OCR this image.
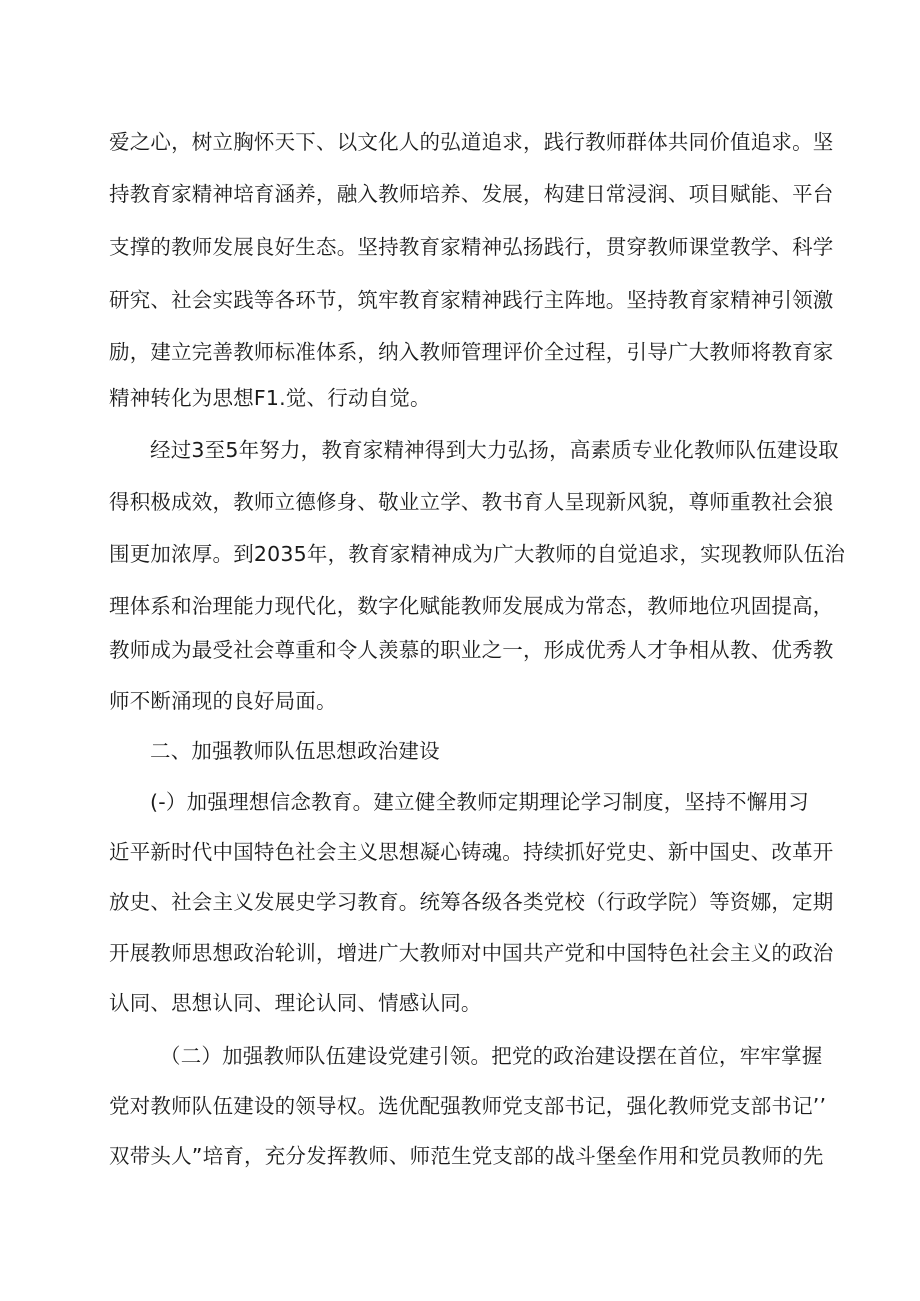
爱之心，树立胸怀天下、以文化人的弘道追求，践行教师群体共同价值追求。坚
持教育家精神培育涵养，融入教师培养、发展，构建日常浸润、项目赋能、平台
支撑的教师发展良好生态。坚持教育家精神弘扬践行，贯穿教师课堂教学、科学
研究、社会实践等各环节，筑牢教育家精神践行主阵地。坚持教育家精神引领激
励，建立完善教师标准体系，纳入教师管理评价全过程，引导广大教师将教育家
精神转化为思想F1.觉、行动自觉。
经过3至5年努力，教育家精神得到大力弘扬，高素质专业化教师队伍建设取
得积极成效，教师立德修身、敬业立学、教书育人呈现新风貌，尊师重教社会狼
围更加浓厚。到2035年，教育家精神成为广大教师的自觉追求，实现教师队伍治
理体系和治理能力现代化，数字化赋能教师发展成为常态，教师地位巩固提高，
教师成为最受社会尊重和令人羡慕的职业之一，形成优秀人才争相从教、优秀教
师不断涌现的良好局面。
二、加强教师队伍思想政治建设
(-）加强理想信念教育。建立健全教师定期理论学习制度，坚持不懈用习
近平新时代中国特色社会主义思想凝心铸魂。持续抓好党史、新中国史、改革开
放史、社会主义发展史学习教育。统筹各级各类党校（行政学院）等资娜，定期
开展教师思想政治轮训，增进广大教师对中国共产党和中国特色社会主义的政治
认同、思想认同、理论认同、情感认同。
（二）加强教师队伍建设党建引领。把党的政治建设摆在首位，牢牢掌握
党对教师队伍建设的领导权。选优配强教师党支部书记，强化教师党支部书记’’
双带头人”培育，充分发挥教师、师范生党支部的战斗堡垒作用和党员教师的先
